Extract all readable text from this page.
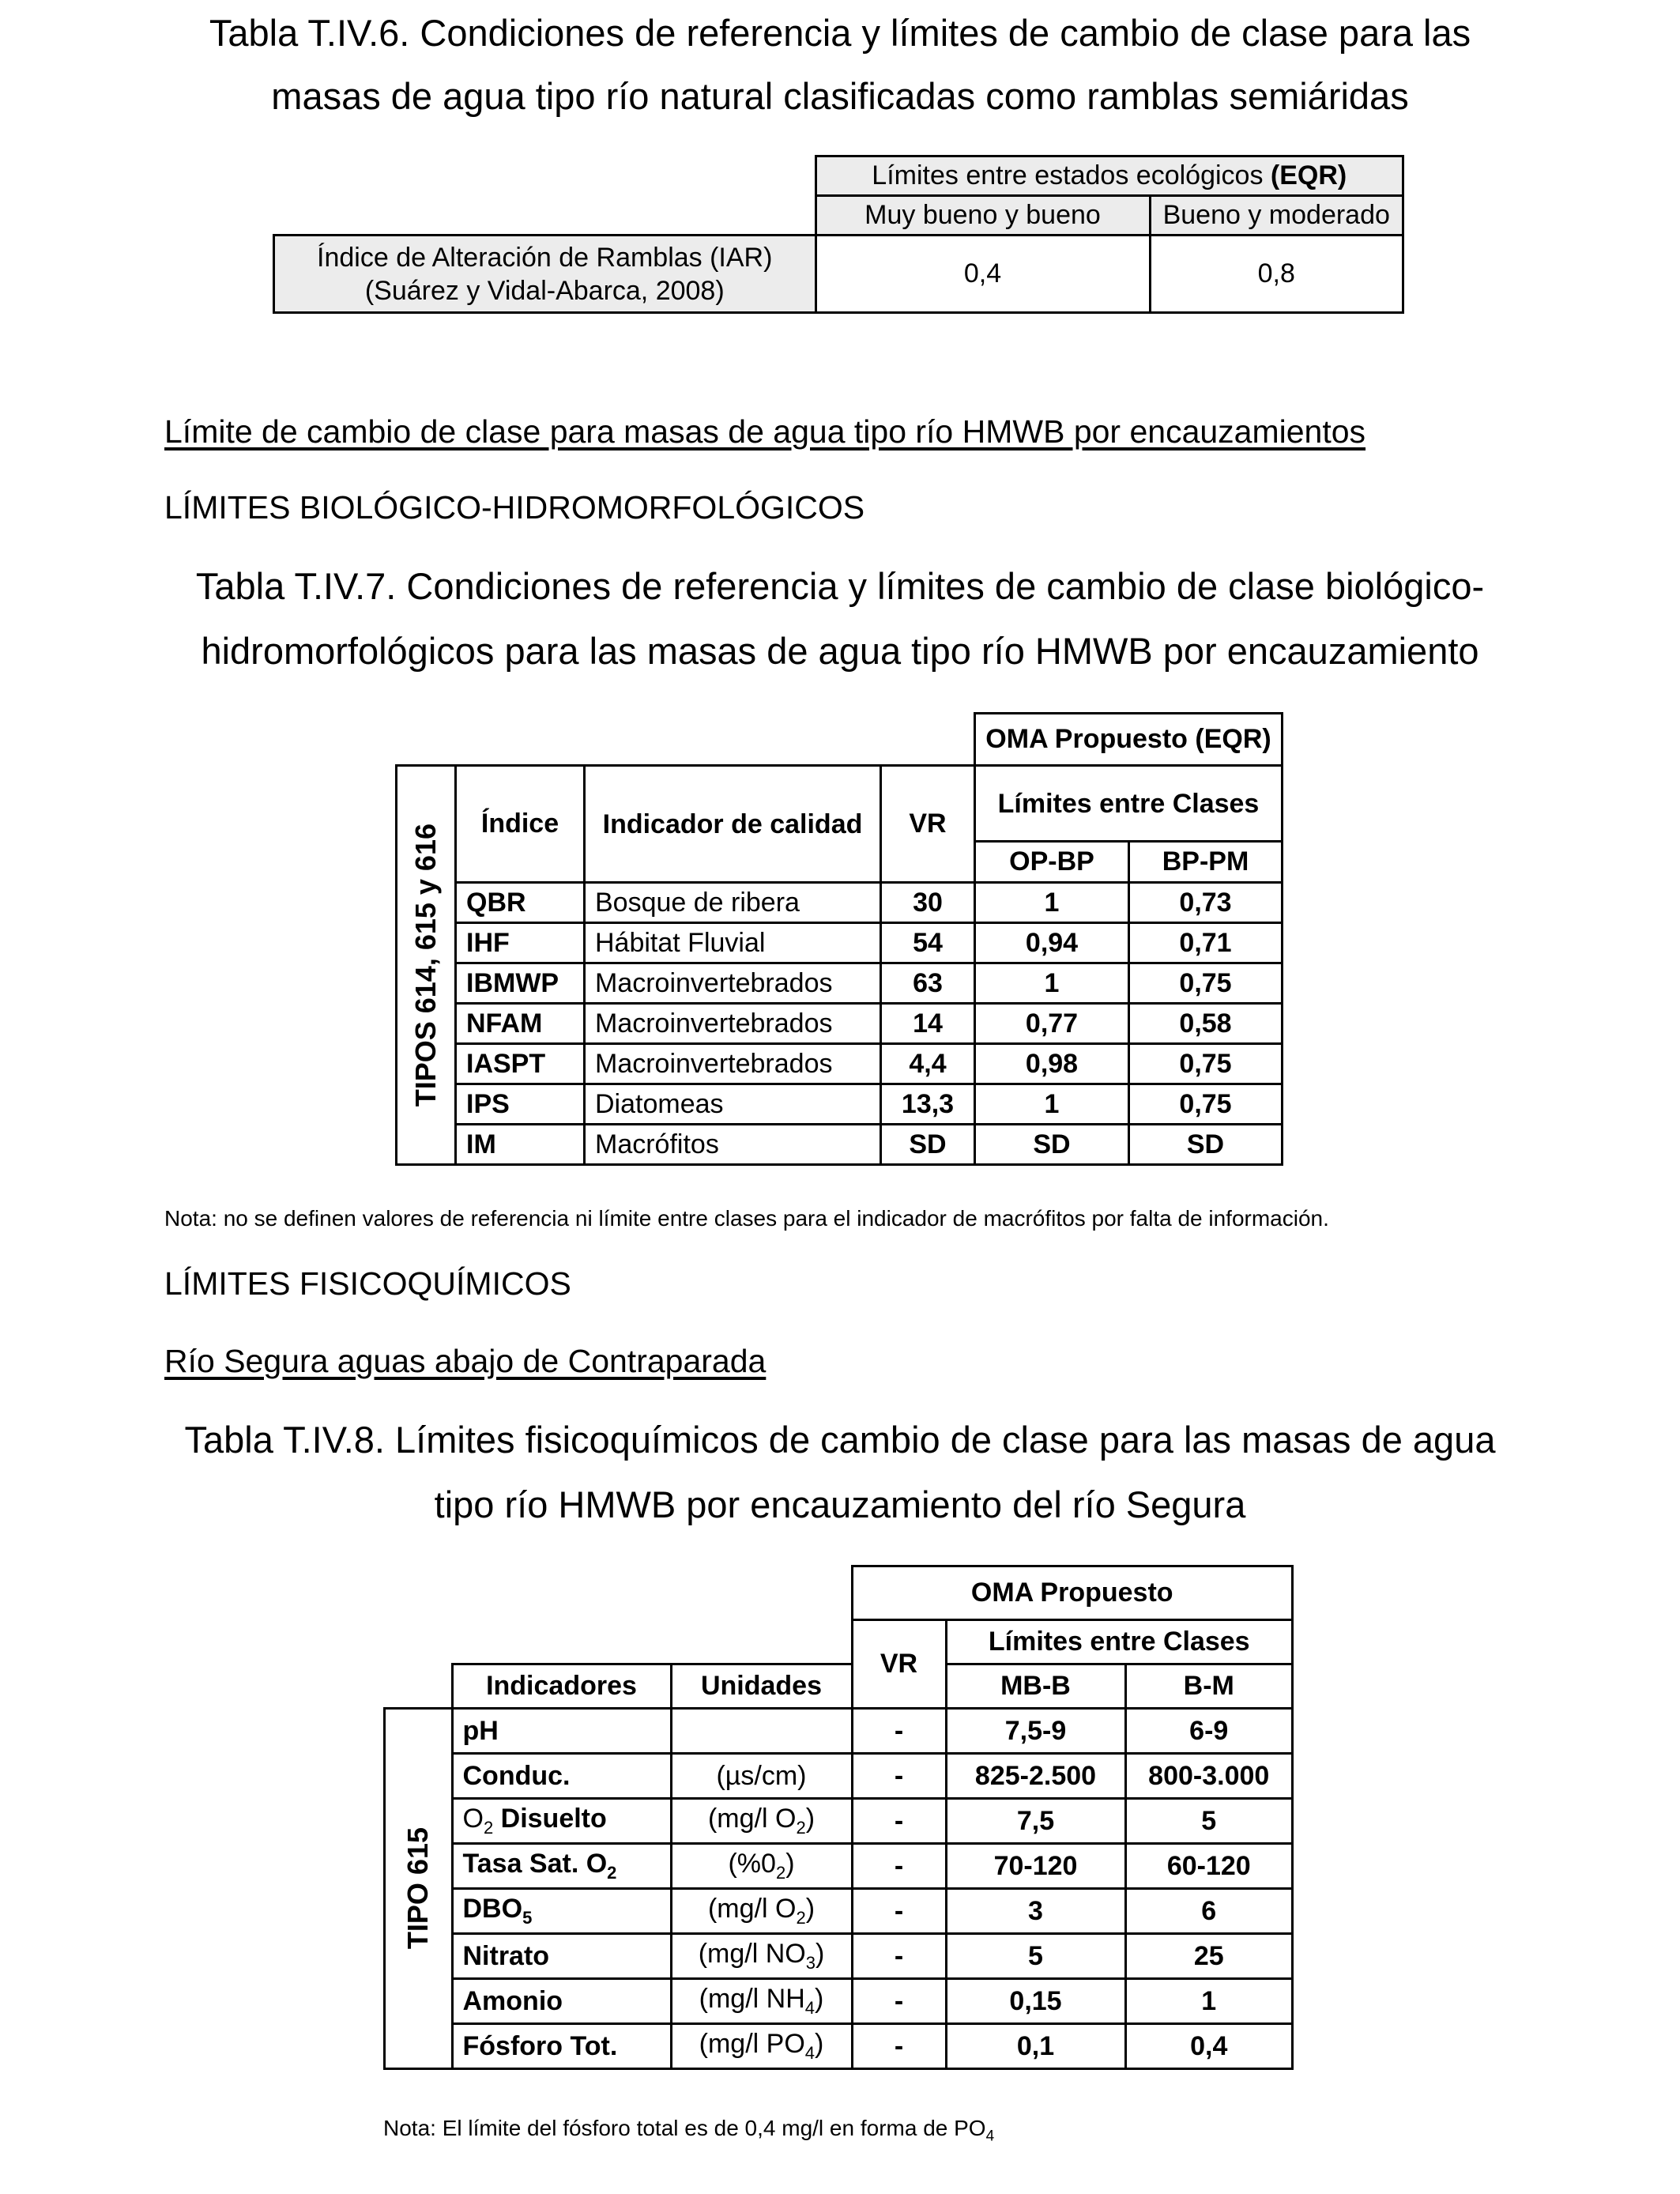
Tabla T.IV.6. Condiciones de referencia y límites de cambio de clase para las
masas de agua tipo río natural clasificadas como ramblas semiáridas
	Límites entre estados ecológicos (EQR)	
	Muy bueno y bueno	Bueno y moderado

Índice de Alteración de Ramblas (IAR)
(Suárez y Vidal-Abarca, 2008)	0,4	0,8
Límite de cambio de clase para masas de agua tipo río HMWB por encauzamientos
LÍMITES BIOLÓGICO-HIDROMORFOLÓGICOS
Tabla T.IV.7. Condiciones de referencia y límites de cambio de clase biológico-
hidromorfológicos para las masas de agua tipo río HMWB por encauzamiento
				OMA Propuesto (EQR)	

TIPOS 614, 615 y 616	Índice	Indicador de calidad	VR	Límites entre Clases	
				OP-BP	BP-PM
	QBR	Bosque de ribera	30	1	0,73
	IHF	Hábitat Fluvial	54	0,94	0,71
	IBMWP	Macroinvertebrados	63	1	0,75
	NFAM	Macroinvertebrados	14	0,77	0,58
	IASPT	Macroinvertebrados	4,4	0,98	0,75
	IPS	Diatomeas	13,3	1	0,75
	IM	Macrófitos	SD	SD	SD
Nota: no se definen valores de referencia ni límite entre clases para el indicador de macrófitos por falta de información.
LÍMITES FISICOQUÍMICOS
Río Segura aguas abajo de Contraparada
Tabla T.IV.8. Límites fisicoquímicos de cambio de clase para las masas de agua
tipo río HMWB por encauzamiento del río Segura
			OMA Propuesto		
			VR	Límites entre Clases	
	Indicadores	Unidades		MB-B	B-M

TIPO 615	pH		-	7,5-9	6-9
	Conduc.	(µs/cm)	-	825-2.500	800-3.000
	$O_2$ Disuelto	(mg/l $O_2$)	-	7,5	5
	Tasa Sat. $O_2$	$(\%0_2)$	-	70-120	60-120
	$DBO_5$	(mg/l $O_2$)	-	3	6
	Nitrato	(mg/l $NO_3$)	-	5	25
	Amonio	(mg/l $NH_4$)	-	0,15	1
	Fósforo Tot.	(mg/l $PO_4$)	-	0,1	0,4
Nota: El límite del fósforo total es de 0,4 mg/l en forma de $PO_4$
